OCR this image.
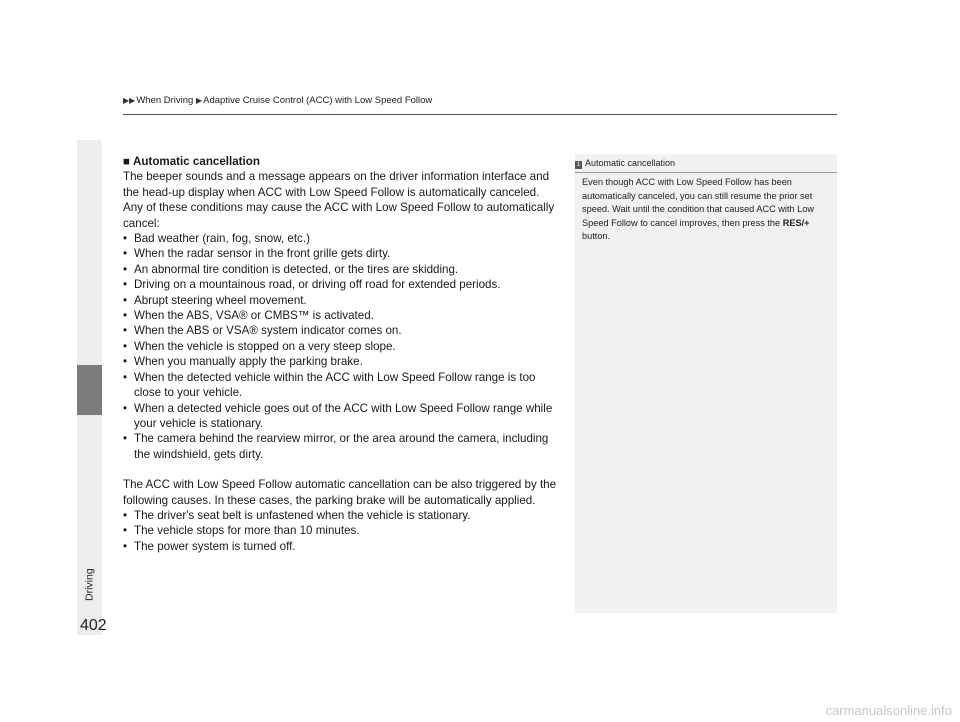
▶▶When Driving ▶Adaptive Cruise Control (ACC) with Low Speed Follow
Driving
402

■ Automatic cancellation

The beeper sounds and a message appears on the driver information interface and the head-up display when ACC with Low Speed Follow is automatically canceled. Any of these conditions may cause the ACC with Low Speed Follow to automatically cancel:

• Bad weather (rain, fog, snow, etc.)
• When the radar sensor in the front grille gets dirty.
• An abnormal tire condition is detected, or the tires are skidding.
• Driving on a mountainous road, or driving off road for extended periods.
• Abrupt steering wheel movement.
• When the ABS, VSA® or CMBS™ is activated.
• When the ABS or VSA® system indicator comes on.
• When the vehicle is stopped on a very steep slope.
• When you manually apply the parking brake.
• When the detected vehicle within the ACC with Low Speed Follow range is too close to your vehicle.
• When a detected vehicle goes out of the ACC with Low Speed Follow range while your vehicle is stationary.
• The camera behind the rearview mirror, or the area around the camera, including the windshield, gets dirty.

The ACC with Low Speed Follow automatic cancellation can be also triggered by the following causes. In these cases, the parking brake will be automatically applied.

• The driver's seat belt is unfastened when the vehicle is stationary.
• The vehicle stops for more than 10 minutes.
• The power system is turned off.
1 Automatic cancellation
Even though ACC with Low Speed Follow has been automatically canceled, you can still resume the prior set speed. Wait until the condition that caused ACC with Low Speed Follow to cancel improves, then press the RES/+ button.
carmanualsonline.info
